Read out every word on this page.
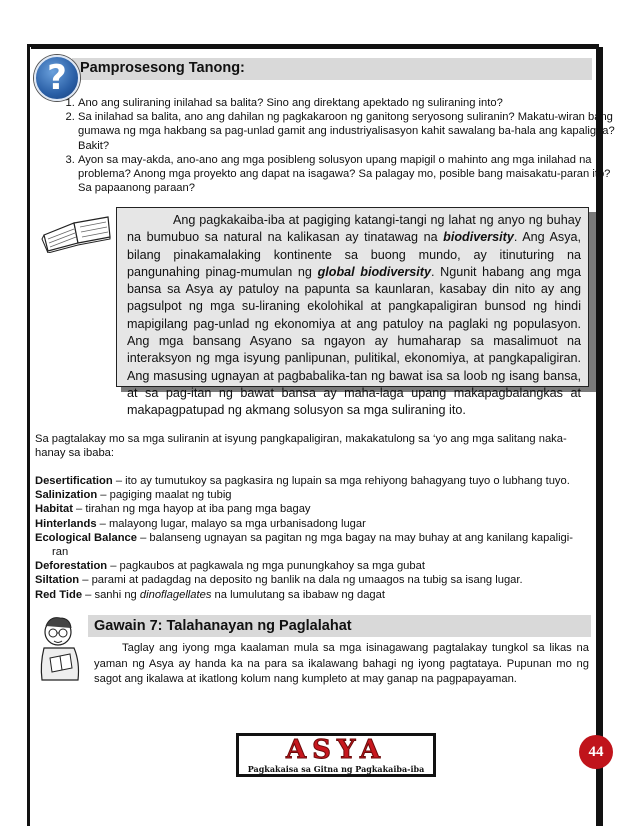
Pamprosesong Tanong:
?
1. Ano ang suliraning inilahad sa balita? Sino ang direktang apektado ng suliraning into?
2. Sa inilahad sa balita, ano ang dahilan ng pagkakaroon ng ganitong seryosong suliranin? Makatu-wiran bang gumawa ng mga hakbang sa pag-unlad gamit ang industriyalisasyon kahit sawalang ba-hala ang kapaligira? Bakit?
3. Ayon sa may-akda, ano-ano ang mga posibleng solusyon upang mapigil o mahinto ang mga inilahad na problema? Anong mga proyekto ang dapat na isagawa? Sa palagay mo, posible bang maisakatu-paran ito? Sa papaanong paraan?

Ang pagkakaiba-iba at pagiging katangi-tangi ng lahat ng anyo ng buhay na bumubuo sa natural na kalikasan ay tinatawag na biodiversity. Ang Asya, bilang pinakamalaking kontinente sa buong mundo, ay itinuturing na pangunahing pinag-mumulan ng global biodiversity. Ngunit habang ang mga bansa sa Asya ay patuloy na papunta sa kaunlaran, kasabay din nito ay ang pagsulpot ng mga su-liraning ekolohikal at pangkapaligiran bunsod ng hindi mapigilang pag-unlad ng ekonomiya at ang patuloy na paglaki ng populasyon. Ang mga bansang Asyano sa ngayon ay humaharap sa masalimuot na interaksyon ng mga isyung panlipunan, pulitikal, ekonomiya, at pangkapaligiran. Ang masusing ugnayan at pagbabalika-tan ng bawat isa sa loob ng isang bansa, at sa pag-itan ng bawat bansa ay maha-laga upang makapagbalangkas at makapagpatupad ng akmang solusyon sa mga suliraning ito.

Sa pagtalakay mo sa mga suliranin at isyung pangkapaligiran, makakatulong sa ‘yo ang mga salitang naka-hanay sa ibaba:

Desertification – ito ay tumutukoy sa pagkasira ng lupain sa mga rehiyong bahagyang tuyo o lubhang tuyo.

Salinization – pagiging maalat ng tubig

Habitat – tirahan ng mga hayop at iba pang mga bagay

Hinterlands – malayong lugar, malayo sa mga urbanisadong lugar

Ecological Balance – balanseng ugnayan sa pagitan ng mga bagay na may buhay at ang kanilang kapaligi-
ran

Deforestation – pagkaubos at pagkawala ng mga punungkahoy sa mga gubat

Siltation – parami at padagdag na deposito ng banlik na dala ng umaagos na tubig sa isang lugar.

Red Tide – sanhi ng dinoflagellates na lumulutang sa ibabaw ng dagat

Gawain 7: Talahanayan ng Paglalahat

Taglay ang iyong mga kaalaman mula sa mga isinagawang pagtalakay tungkol sa likas na yaman ng Asya ay handa ka na para sa ikalawang bahagi ng iyong pagtataya. Pupunan mo ng sagot ang ikalawa at ikatlong kolum nang kumpleto at may ganap na pagpapayaman.

ASYA
Pagkakaisa sa Gitna ng Pagkakaiba-iba
44
